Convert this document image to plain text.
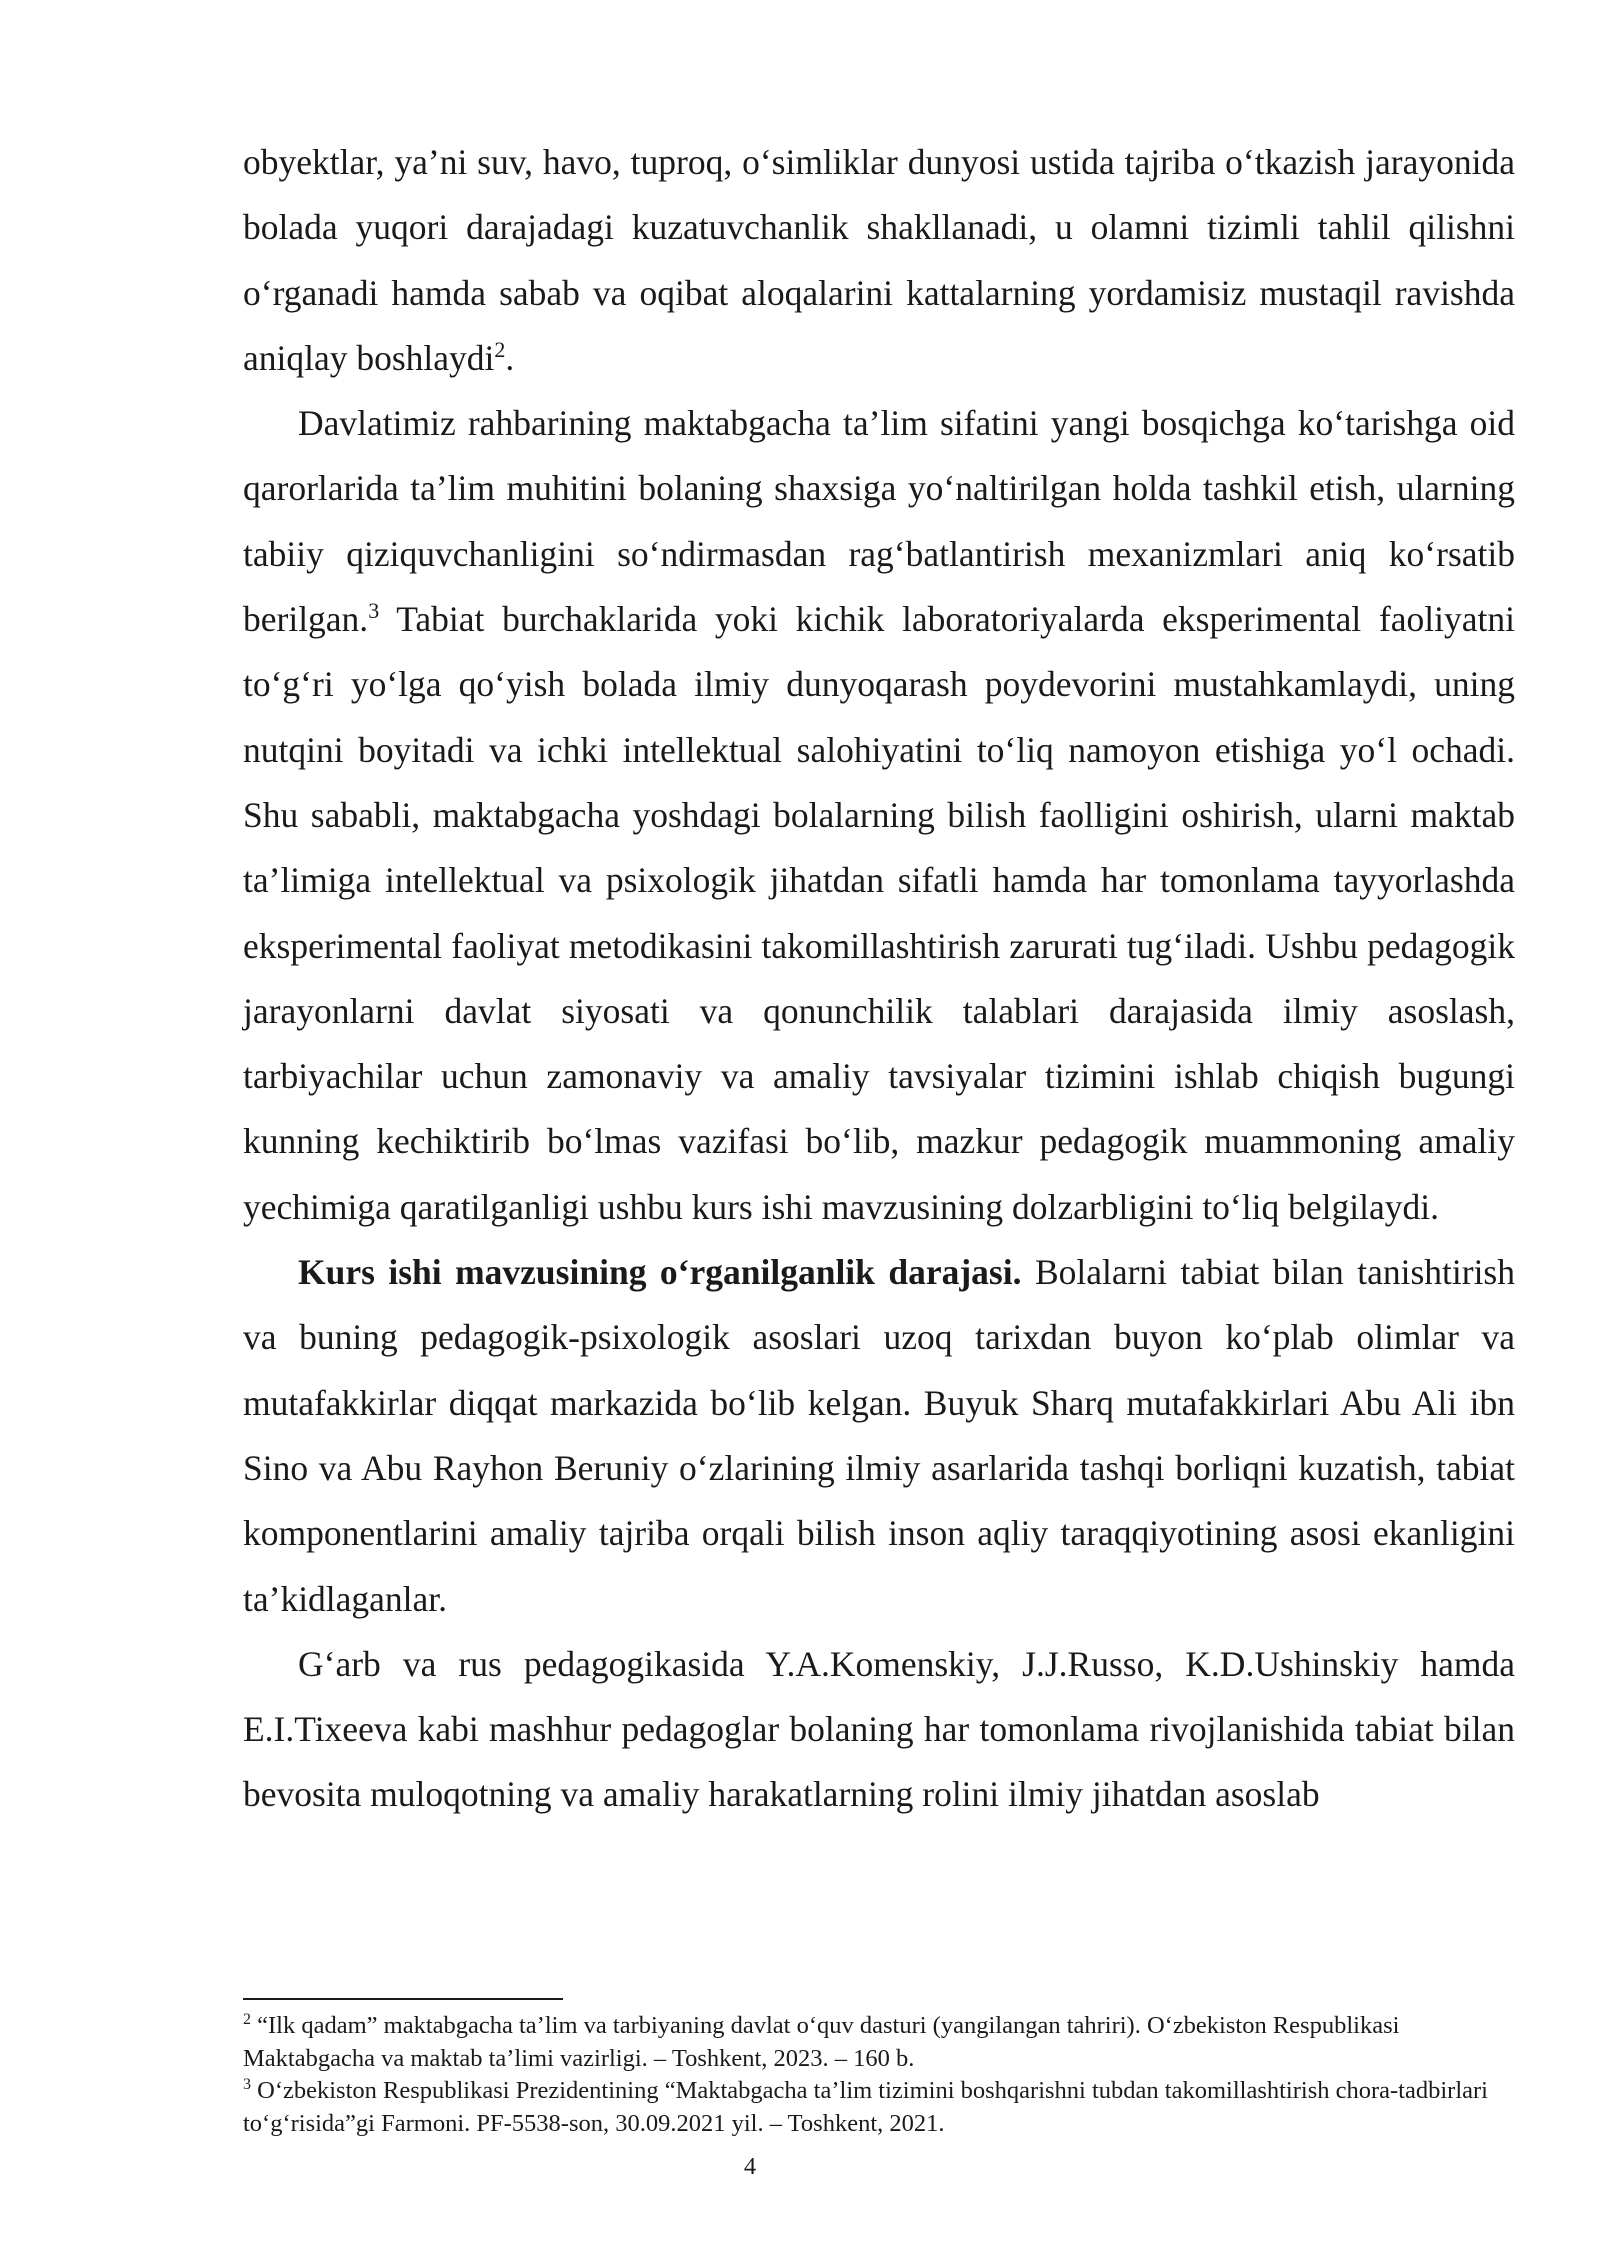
obyektlar, ya’ni suv, havo, tuproq, o‘simliklar dunyosi ustida tajriba o‘tkazish jarayonida bolada yuqori darajadagi kuzatuvchanlik shakllanadi, u olamni tizimli tahlil qilishni o‘rganadi hamda sabab va oqibat aloqalarini kattalarning yordamisiz mustaqil ravishda aniqlay boshlaydi$^2$.

Davlatimiz rahbarining maktabgacha ta’lim sifatini yangi bosqichga ko‘tarishga oid qarorlarida ta’lim muhitini bolaning shaxsiga yo‘naltirilgan holda tashkil etish, ularning tabiiy qiziquvchanligini so‘ndirmasdan rag‘batlantirish mexanizmlari aniq ko‘rsatib berilgan.$^3$ Tabiat burchaklarida yoki kichik laboratoriyalarda eksperimental faoliyatni to‘g‘ri yo‘lga qo‘yish bolada ilmiy dunyoqarash poydevorini mustahkamlaydi, uning nutqini boyitadi va ichki intellektual salohiyatini to‘liq namoyon etishiga yo‘l ochadi. Shu sababli, maktabgacha yoshdagi bolalarning bilish faolligini oshirish, ularni maktab ta’limiga intellektual va psixologik jihatdan sifatli hamda har tomonlama tayyorlashda eksperimental faoliyat metodikasini takomillashtirish zarurati tug‘iladi. Ushbu pedagogik jarayonlarni davlat siyosati va qonunchilik talablari darajasida ilmiy asoslash, tarbiyachilar uchun zamonaviy va amaliy tavsiyalar tizimini ishlab chiqish bugungi kunning kechiktirib bo‘lmas vazifasi bo‘lib, mazkur pedagogik muammoning amaliy yechimiga qaratilganligi ushbu kurs ishi mavzusining dolzarbligini to‘liq belgilaydi.

Kurs ishi mavzusining o‘rganilganlik darajasi. Bolalarni tabiat bilan tanishtirish va buning pedagogik-psixologik asoslari uzoq tarixdan buyon ko‘plab olimlar va mutafakkirlar diqqat markazida bo‘lib kelgan. Buyuk Sharq mutafakkirlari Abu Ali ibn Sino va Abu Rayhon Beruniy o‘zlarining ilmiy asarlarida tashqi borliqni kuzatish, tabiat komponentlarini amaliy tajriba orqali bilish inson aqliy taraqqiyotining asosi ekanligini ta’kidlaganlar.

G‘arb va rus pedagogikasida Y.A.Komenskiy, J.J.Russo, K.D.Ushinskiy hamda E.I.Tixeeva kabi mashhur pedagoglar bolaning har tomonlama rivojlanishida tabiat bilan bevosita muloqotning va amaliy harakatlarning rolini ilmiy jihatdan asoslab

$^2$ “Ilk qadam” maktabgacha ta’lim va tarbiyaning davlat o‘quv dasturi (yangilangan tahriri). O‘zbekiston Respublikasi Maktabgacha va maktab ta’limi vazirligi. – Toshkent, 2023. – 160 b.

$^3$ O‘zbekiston Respublikasi Prezidentining “Maktabgacha ta’lim tizimini boshqarishni tubdan takomillashtirish chora-tadbirlari to‘g‘risida”gi Farmoni. PF-5538-son, 30.09.2021 yil. – Toshkent, 2021.

4
